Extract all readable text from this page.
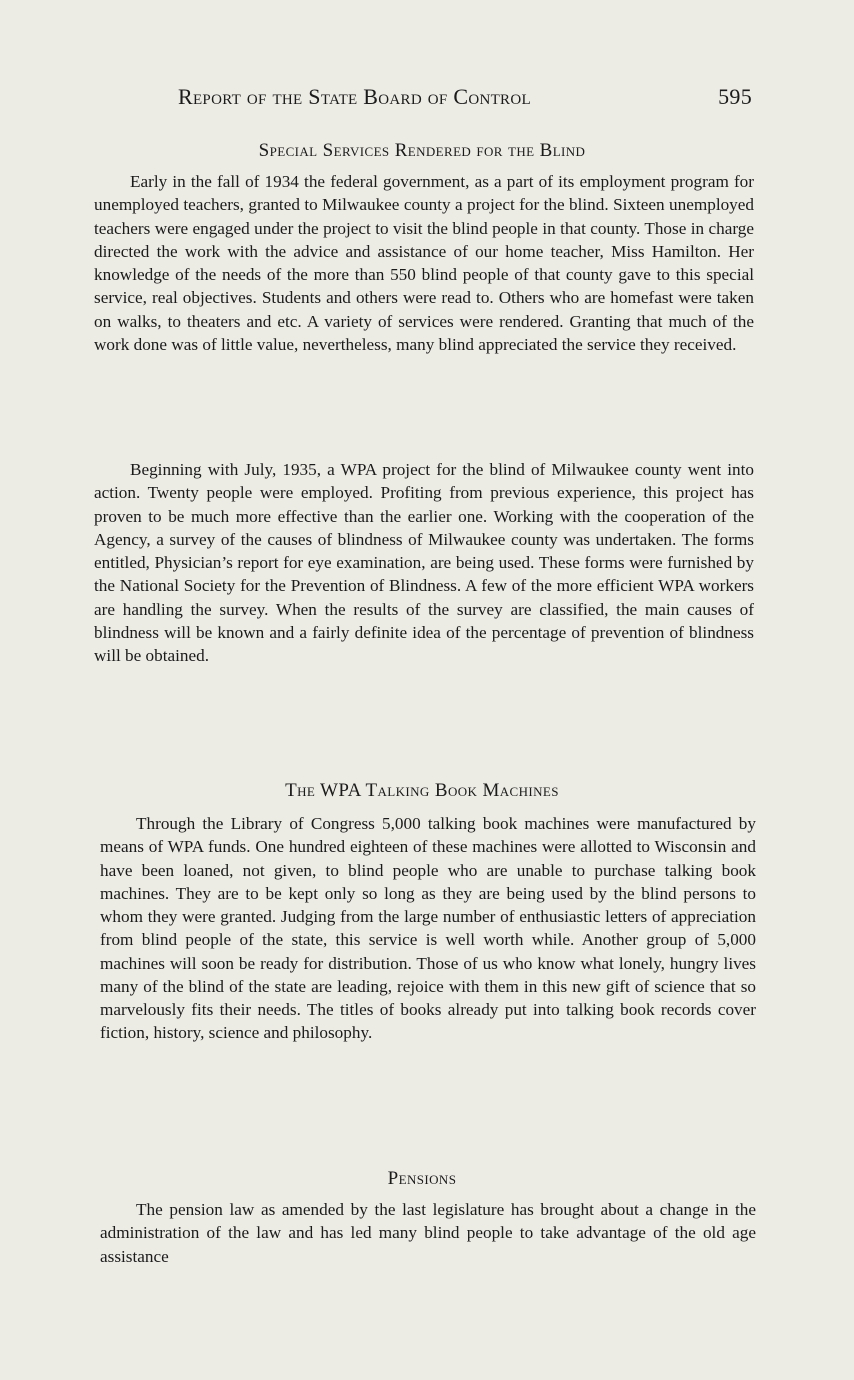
Report of the State Board of Control	595
Special Services Rendered for the Blind

Early in the fall of 1934 the federal government, as a part of its employment program for unemployed teachers, granted to Milwaukee county a project for the blind. Sixteen unemployed teachers were engaged under the project to visit the blind people in that county. Those in charge directed the work with the advice and assistance of our home teacher, Miss Hamilton. Her knowledge of the needs of the more than 550 blind people of that county gave to this special service, real objectives. Students and others were read to. Others who are homefast were taken on walks, to theaters and etc. A variety of services were rendered. Granting that much of the work done was of little value, nevertheless, many blind appreciated the service they received.

Beginning with July, 1935, a WPA project for the blind of Milwaukee county went into action. Twenty people were employed. Profiting from previous experience, this project has proven to be much more effective than the earlier one. Working with the cooperation of the Agency, a survey of the causes of blindness of Milwaukee county was undertaken. The forms entitled, Physician’s report for eye examination, are being used. These forms were furnished by the National Society for the Prevention of Blindness. A few of the more efficient WPA workers are handling the survey. When the results of the survey are classified, the main causes of blindness will be known and a fairly definite idea of the percentage of prevention of blindness will be obtained.

The WPA Talking Book Machines

Through the Library of Congress 5,000 talking book machines were manufactured by means of WPA funds. One hundred eighteen of these machines were allotted to Wisconsin and have been loaned, not given, to blind people who are unable to purchase talking book machines. They are to be kept only so long as they are being used by the blind persons to whom they were granted. Judging from the large number of enthusiastic letters of appreciation from blind people of the state, this service is well worth while. Another group of 5,000 machines will soon be ready for distribution. Those of us who know what lonely, hungry lives many of the blind of the state are leading, rejoice with them in this new gift of science that so marvelously fits their needs. The titles of books already put into talking book records cover fiction, history, science and philosophy.

Pensions

The pension law as amended by the last legislature has brought about a change in the administration of the law and has led many blind people to take advantage of the old age assistance
